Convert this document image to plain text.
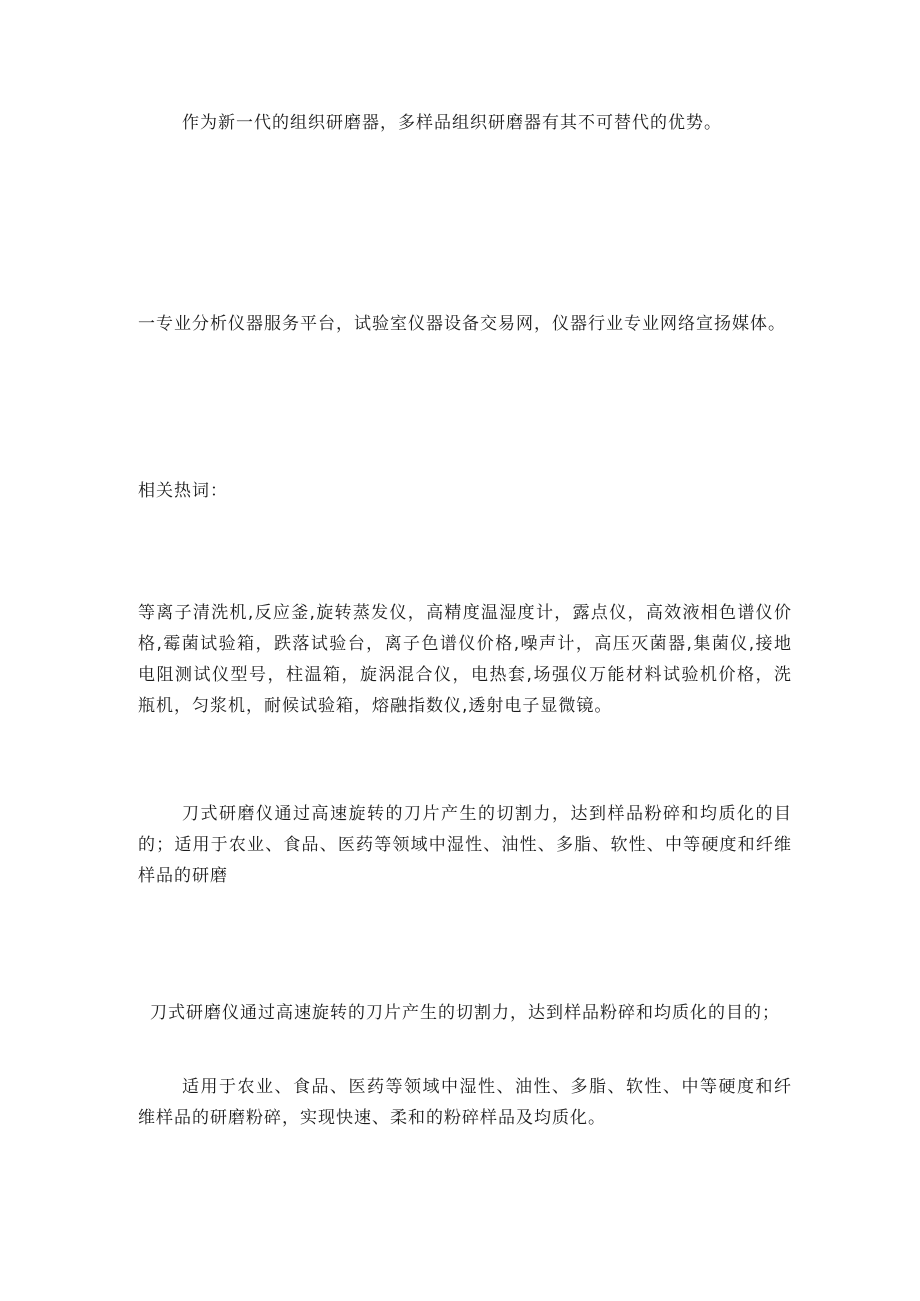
作为新一代的组织研磨器，多样品组织研磨器有其不可替代的优势。

一专业分析仪器服务平台，试验室仪器设备交易网，仪器行业专业网络宣扬媒体。

相关热词：

等离子清洗机,反应釜,旋转蒸发仪，高精度温湿度计，露点仪，高效液相色谱仪价格,霉菌试验箱，跌落试验台，离子色谱仪价格,噪声计，高压灭菌器,集菌仪,接地电阻测试仪型号，柱温箱，旋涡混合仪，电热套,场强仪万能材料试验机价格，洗瓶机，匀浆机，耐候试验箱，熔融指数仪,透射电子显微镜。

刀式研磨仪通过高速旋转的刀片产生的切割力，达到样品粉碎和均质化的目的；适用于农业、食品、医药等领域中湿性、油性、多脂、软性、中等硬度和纤维样品的研磨

刀式研磨仪通过高速旋转的刀片产生的切割力，达到样品粉碎和均质化的目的；

适用于农业、食品、医药等领域中湿性、油性、多脂、软性、中等硬度和纤维样品的研磨粉碎，实现快速、柔和的粉碎样品及均质化。
